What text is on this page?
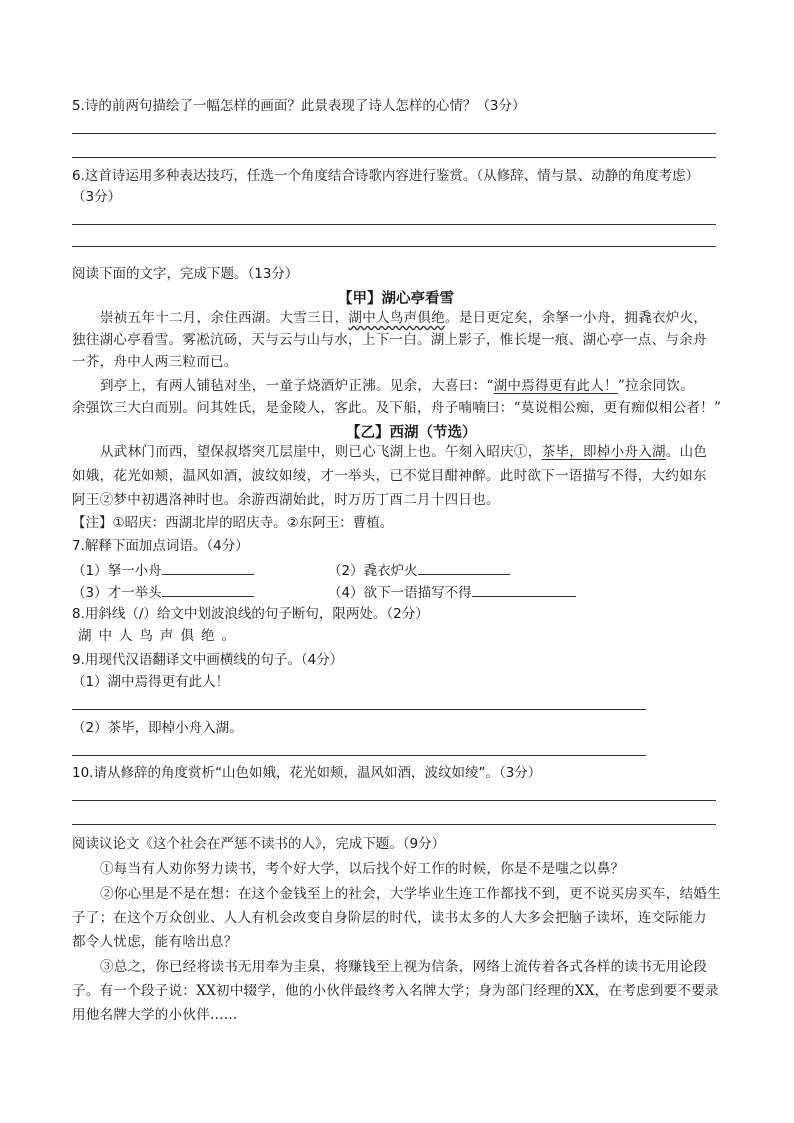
5.诗的前两句描绘了一幅怎样的画面？此景表现了诗人怎样的心情？（3分）
6.这首诗运用多种表达技巧，任选一个角度结合诗歌内容进行鉴赏。（从修辞、情与景、动静的角度考虑）
（3分）
阅读下面的文字，完成下题。（13分）
【甲】湖心亭看雪
崇祯五年十二月，余住西湖。大雪三日，湖中人鸟声俱绝。是日更定矣，余拏一小舟，拥毳衣炉火，
独往湖心亭看雪。雾凇沆砀，天与云与山与水，上下一白。湖上影子，惟长堤一痕、湖心亭一点、与余舟
一芥，舟中人两三粒而已。
到亭上，有两人铺毡对坐，一童子烧酒炉正沸。见余，大喜曰：“湖中焉得更有此人！”拉余同饮。
余强饮三大白而别。问其姓氏，是金陵人，客此。及下船，舟子喃喃曰：“莫说相公痴，更有痴似相公者！”
【乙】西湖（节选）
从武林门而西，望保叔塔突兀层崖中，则已心飞湖上也。午刻入昭庆①，茶毕，即棹小舟入湖。山色
如娥，花光如颊，温风如酒，波纹如绫，才一举头，已不觉目酣神醉。此时欲下一语描写不得，大约如东
阿王②梦中初遇洛神时也。余游西湖始此，时万历丁酉二月十四日也。
【注】①昭庆：西湖北岸的昭庆寺。②东阿王：曹植。
7.解释下面加点词语。（4分）
（1）拏一小舟	（2）毳衣炉火
（3）才一举头	（4）欲下一语描写不得
8.用斜线（/）给文中划波浪线的句子断句，限两处。（2分）
湖中人鸟声俱绝。
9.用现代汉语翻译文中画横线的句子。（4分）
（1）湖中焉得更有此人！
（2）茶毕，即棹小舟入湖。
10.请从修辞的角度赏析“山色如娥，花光如颊，温风如酒，波纹如绫”。（3分）
阅读议论文《这个社会在严惩不读书的人》，完成下题。（9分）
①每当有人劝你努力读书，考个好大学，以后找个好工作的时候，你是不是嗤之以鼻？
②你心里是不是在想：在这个金钱至上的社会，大学毕业生连工作都找不到，更不说买房买车，结婚生
子了；在这个万众创业、人人有机会改变自身阶层的时代，读书太多的人大多会把脑子读坏，连交际能力
都令人忧虑，能有啥出息？
③总之，你已经将读书无用奉为圭臬，将赚钱至上视为信条，网络上流传着各式各样的读书无用论段
子。有一个段子说：XX初中辍学，他的小伙伴最终考入名牌大学；身为部门经理的XX，在考虑到要不要录
用他名牌大学的小伙伴……
